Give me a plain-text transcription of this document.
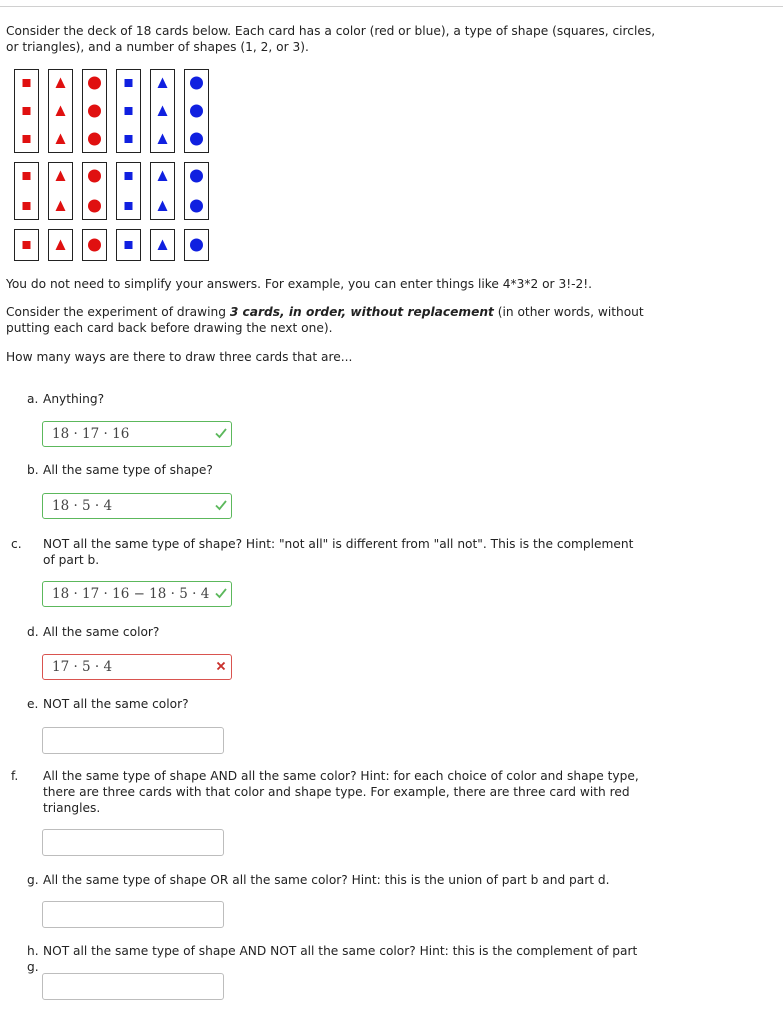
Consider the deck of 18 cards below. Each card has a color (red or blue), a type of shape (squares, circles,
or triangles), and a number of shapes (1, 2, or 3).

You do not need to simplify your answers. For example, you can enter things like 4*3*2 or 3!-2!.

Consider the experiment of drawing 3 cards, in order, without replacement (in other words, without
putting each card back before drawing the next one).

How many ways are there to draw three cards that are...

a. Anything?
18 · 17 · 16
b. All the same type of shape?
18 · 5 · 4
c. NOT all the same type of shape? Hint: "not all" is different from "all not". This is the complement of part b.
18 · 17 · 16 − 18 · 5 · 4
d. All the same color?
17 · 5 · 4
e. NOT all the same color?
f. All the same type of shape AND all the same color? Hint: for each choice of color and shape type, there are three cards with that color and shape type. For example, there are three card with red triangles.
g. All the same type of shape OR all the same color? Hint: this is the union of part b and part d.
h. NOT all the same type of shape AND NOT all the same color? Hint: this is the complement of part g.
